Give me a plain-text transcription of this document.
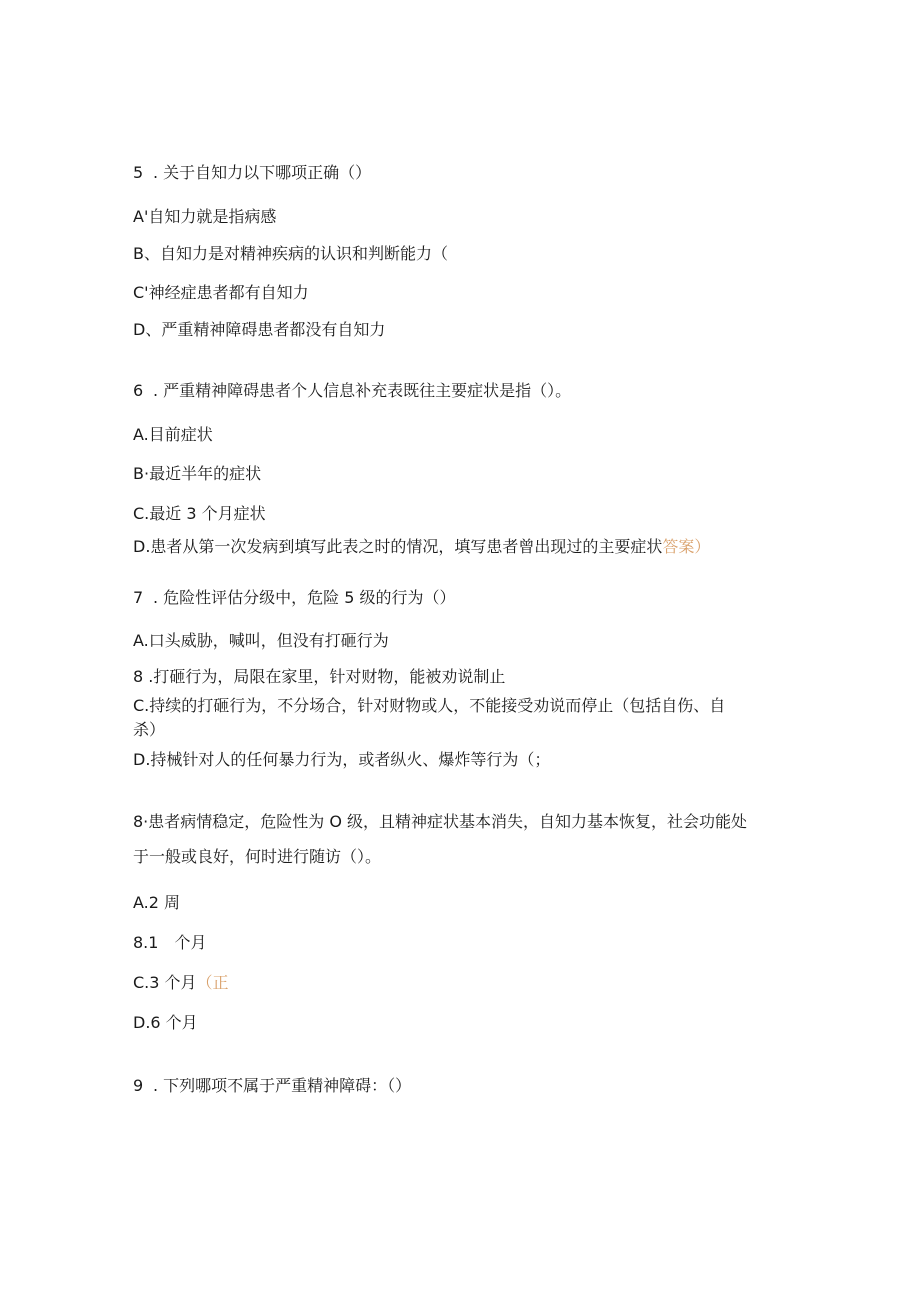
5 . 关于自知力以下哪项正确（）
A'自知力就是指病感
B、自知力是对精神疾病的认识和判断能力（
C'神经症患者都有自知力
D、严重精神障碍患者都没有自知力
6 . 严重精神障碍患者个人信息补充表既往主要症状是指（）。
A.目前症状
B·最近半年的症状
C.最近 3 个月症状
D.患者从第一次发病到填写此表之时的情况，填写患者曾出现过的主要症状答案）
7 . 危险性评估分级中，危险 5 级的行为（）
A.口头威胁，喊叫，但没有打砸行为
8 .打砸行为，局限在家里，针对财物，能被劝说制止
C.持续的打砸行为，不分场合，针对财物或人，不能接受劝说而停止（包括自伤、自
杀）
D.持械针对人的任何暴力行为，或者纵火、爆炸等行为（；
8·患者病情稳定，危险性为 O 级，且精神症状基本消失，自知力基本恢复，社会功能处
于一般或良好，何时进行随访（）。
A.2 周
8.1　个月
C.3 个月（正
D.6 个月
9 . 下列哪项不属于严重精神障碍：（）
